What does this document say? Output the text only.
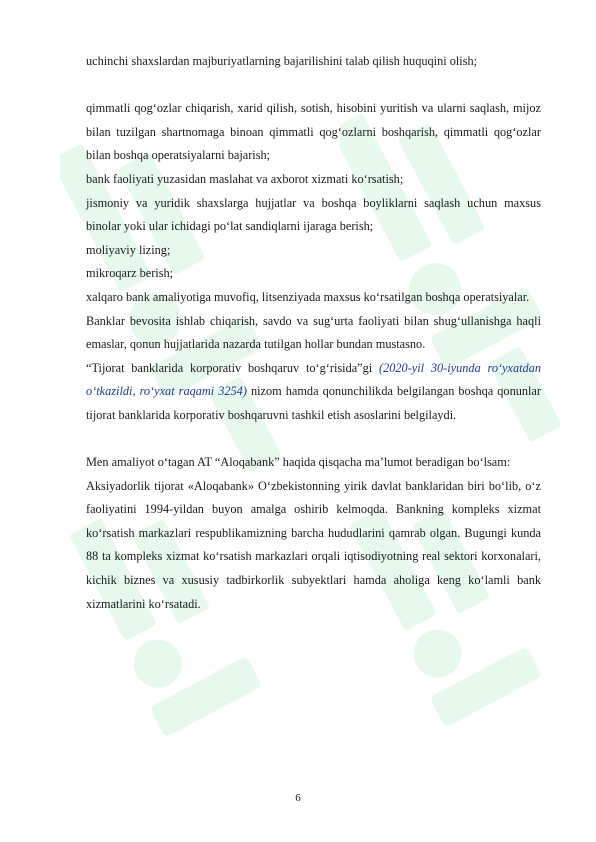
uchinchi shaxslardan majburiyatlarning bajarilishini talab qilish huquqini olish;

qimmatli qog‘ozlar chiqarish, xarid qilish, sotish, hisobini yuritish va ularni saqlash, mijoz bilan tuzilgan shartnomaga binoan qimmatli qog‘ozlarni boshqarish, qimmatli qog‘ozlar bilan boshqa operatsiyalarni bajarish;

bank faoliyati yuzasidan maslahat va axborot xizmati ko‘rsatish;

jismoniy va yuridik shaxslarga hujjatlar va boshqa boyliklarni saqlash uchun maxsus binolar yoki ular ichidagi po‘lat sandiqlarni ijaraga berish;

moliyaviy lizing;

mikroqarz berish;

xalqaro bank amaliyotiga muvofiq, litsenziyada maxsus ko‘rsatilgan boshqa operatsiyalar.

Banklar bevosita ishlab chiqarish, savdo va sug‘urta faoliyati bilan shug‘ullanishga haqli emaslar, qonun hujjatlarida nazarda tutilgan hollar bundan mustasno.

“Tijorat banklarida korporativ boshqaruv to‘g‘risida”gi (2020-yil 30-iyunda ro‘yxatdan o‘tkazildi, ro‘yxat raqami 3254) nizom hamda qonunchilikda belgilangan boshqa qonunlar tijorat banklarida korporativ boshqaruvni tashkil etish asoslarini belgilaydi.

Men amaliyot o‘tagan AT “Aloqabank” haqida qisqacha ma’lumot beradigan bo‘lsam:

Aksiyadorlik tijorat «Aloqabank» O‘zbekistonning yirik davlat banklaridan biri bo‘lib, o‘z faoliyatini 1994-yildan buyon amalga oshirib kelmoqda. Bankning kompleks xizmat ko‘rsatish markazlari respublikamizning barcha hududlarini qamrab olgan. Bugungi kunda 88 ta kompleks xizmat ko‘rsatish markazlari orqali iqtisodiyotning real sektori korxonalari, kichik biznes va xususiy tadbirkorlik subyektlari hamda aholiga keng ko‘lamli bank xizmatlarini ko‘rsatadi.

6
